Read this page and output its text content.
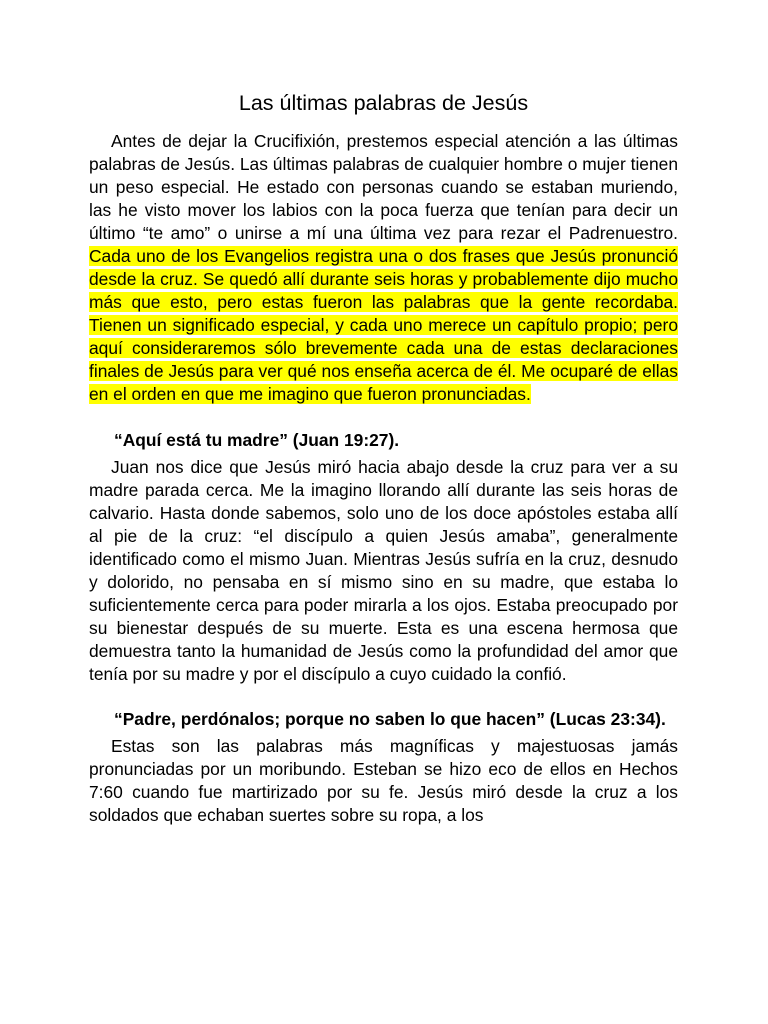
Las últimas palabras de Jesús

Antes de dejar la Crucifixión, prestemos especial atención a las últimas palabras de Jesús. Las últimas palabras de cualquier hombre o mujer tienen un peso especial. He estado con personas cuando se estaban muriendo, las he visto mover los labios con la poca fuerza que tenían para decir un último “te amo” o unirse a mí una última vez para rezar el Padrenuestro. Cada uno de los Evangelios registra una o dos frases que Jesús pronunció desde la cruz. Se quedó allí durante seis horas y probablemente dijo mucho más que esto, pero estas fueron las palabras que la gente recordaba. Tienen un significado especial, y cada uno merece un capítulo propio; pero aquí consideraremos sólo brevemente cada una de estas declaraciones finales de Jesús para ver qué nos enseña acerca de él. Me ocuparé de ellas en el orden en que me imagino que fueron pronunciadas.

“Aquí está tu madre” (Juan 19:27).

Juan nos dice que Jesús miró hacia abajo desde la cruz para ver a su madre parada cerca. Me la imagino llorando allí durante las seis horas de calvario. Hasta donde sabemos, solo uno de los doce apóstoles estaba allí al pie de la cruz: “el discípulo a quien Jesús amaba”, generalmente identificado como el mismo Juan. Mientras Jesús sufría en la cruz, desnudo y dolorido, no pensaba en sí mismo sino en su madre, que estaba lo suficientemente cerca para poder mirarla a los ojos. Estaba preocupado por su bienestar después de su muerte. Esta es una escena hermosa que demuestra tanto la humanidad de Jesús como la profundidad del amor que tenía por su madre y por el discípulo a cuyo cuidado la confió.

“Padre, perdónalos; porque no saben lo que hacen” (Lucas 23:34).

Estas son las palabras más magníficas y majestuosas jamás pronunciadas por un moribundo. Esteban se hizo eco de ellos en Hechos 7:60 cuando fue martirizado por su fe. Jesús miró desde la cruz a los soldados que echaban suertes sobre su ropa, a los
